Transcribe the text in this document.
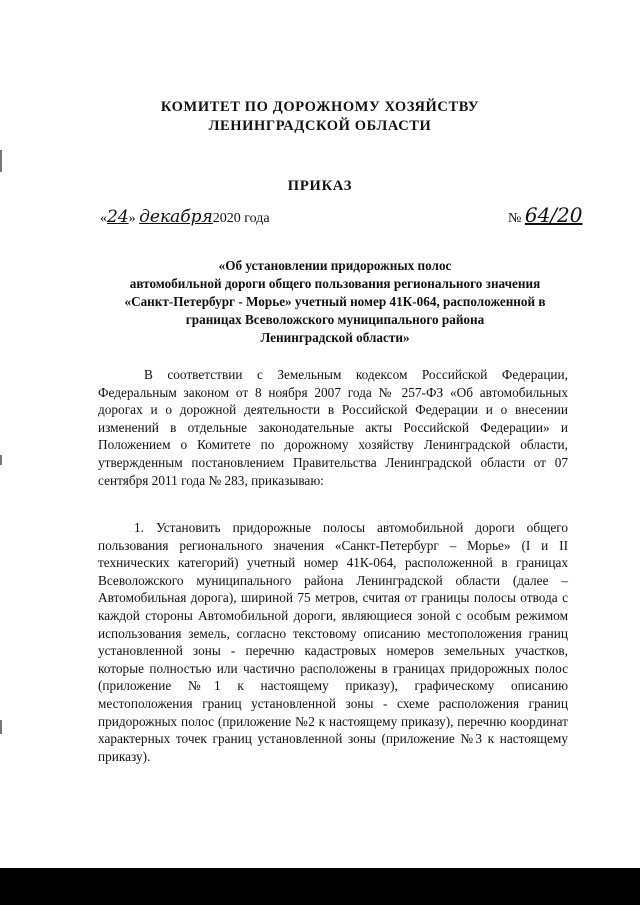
КОМИТЕТ ПО ДОРОЖНОМУ ХОЗЯЙСТВУ
ЛЕНИНГРАДСКОЙ ОБЛАСТИ
ПРИКАЗ
«24» декабря2020 года	№ 64/20
«Об установлении придорожных полос
автомобильной дороги общего пользования регионального значения
«Санкт-Петербург - Морье» учетный номер 41К-064, расположенной в
границах Всеволожского муниципального района
Ленинградской области»
В соответствии с Земельным кодексом Российской Федерации, Федеральным законом от 8 ноября 2007 года № 257-ФЗ «Об автомобильных дорогах и о дорожной деятельности в Российской Федерации и о внесении изменений в отдельные законодательные акты Российской Федерации» и Положением о Комитете по дорожному хозяйству Ленинградской области, утвержденным постановлением Правительства Ленинградской области от 07 сентября 2011 года № 283, приказываю:
1. Установить придорожные полосы автомобильной дороги общего пользования регионального значения «Санкт-Петербург – Морье» (I и II технических категорий) учетный номер 41К-064, расположенной в границах Всеволожского муниципального района Ленинградской области (далее – Автомобильная дорога), шириной 75 метров, считая от границы полосы отвода с каждой стороны Автомобильной дороги, являющиеся зоной с особым режимом использования земель, согласно текстовому описанию местоположения границ установленной зоны - перечню кадастровых номеров земельных участков, которые полностью или частично расположены в границах придорожных полос (приложение №1 к настоящему приказу), графическому описанию местоположения границ установленной зоны - схеме расположения границ придорожных полос (приложение №2 к настоящему приказу), перечню координат характерных точек границ установленной зоны (приложение №3 к настоящему приказу).
